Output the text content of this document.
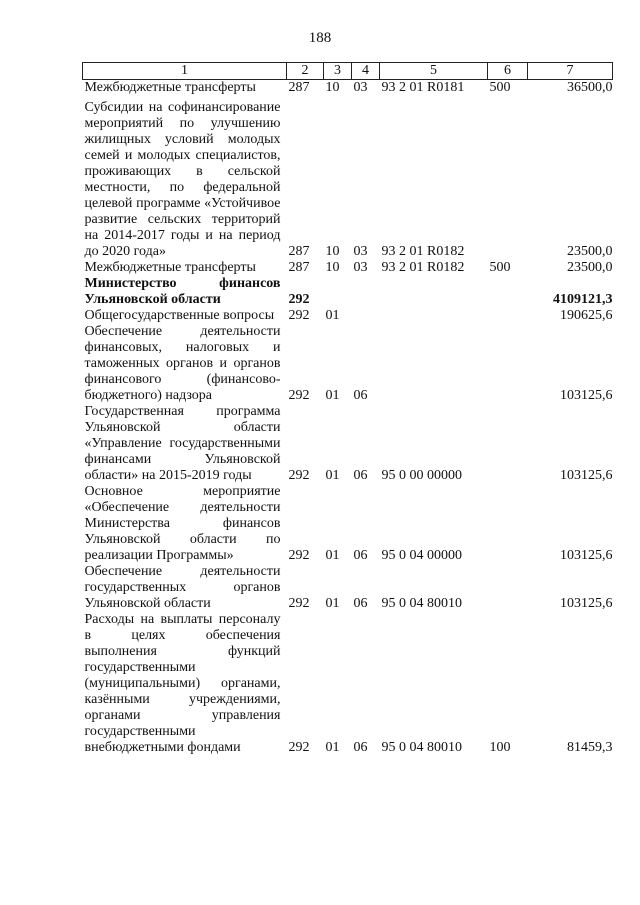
188
1	2	3	4	5	6	7
Межбюджетные трансферты	287	10	03	93 2 01 R0181	500	36500,0
Субсидии на софинансирование мероприятий по улучшению жилищных условий молодых семей и молодых специалистов, проживающих в сельской местности, по федеральной целевой программе «Устойчивое развитие сельских территорий на 2014-2017 годы и на период до 2020 года»	287	10	03	93 2 01 R0182		23500,0
Межбюджетные трансферты	287	10	03	93 2 01 R0182	500	23500,0
Министерство финансов Ульяновской области	292					4109121,3
Общегосударственные вопросы	292	01				190625,6
Обеспечение деятельности финансовых, налоговых и таможенных органов и органов финансового (финансово-бюджетного) надзора	292	01	06			103125,6
Государственная программа Ульяновской области «Управление государственными финансами Ульяновской области» на 2015-2019 годы	292	01	06	95 0 00 00000		103125,6
Основное мероприятие «Обеспечение деятельности Министерства финансов Ульяновской области по реализации Программы»	292	01	06	95 0 04 00000		103125,6
Обеспечение деятельности государственных органов Ульяновской области	292	01	06	95 0 04 80010		103125,6
Расходы на выплаты персоналу в целях обеспечения выполнения функций государственными (муниципальными) органами, казёнными учреждениями, органами управления государственными внебюджетными фондами	292	01	06	95 0 04 80010	100	81459,3
